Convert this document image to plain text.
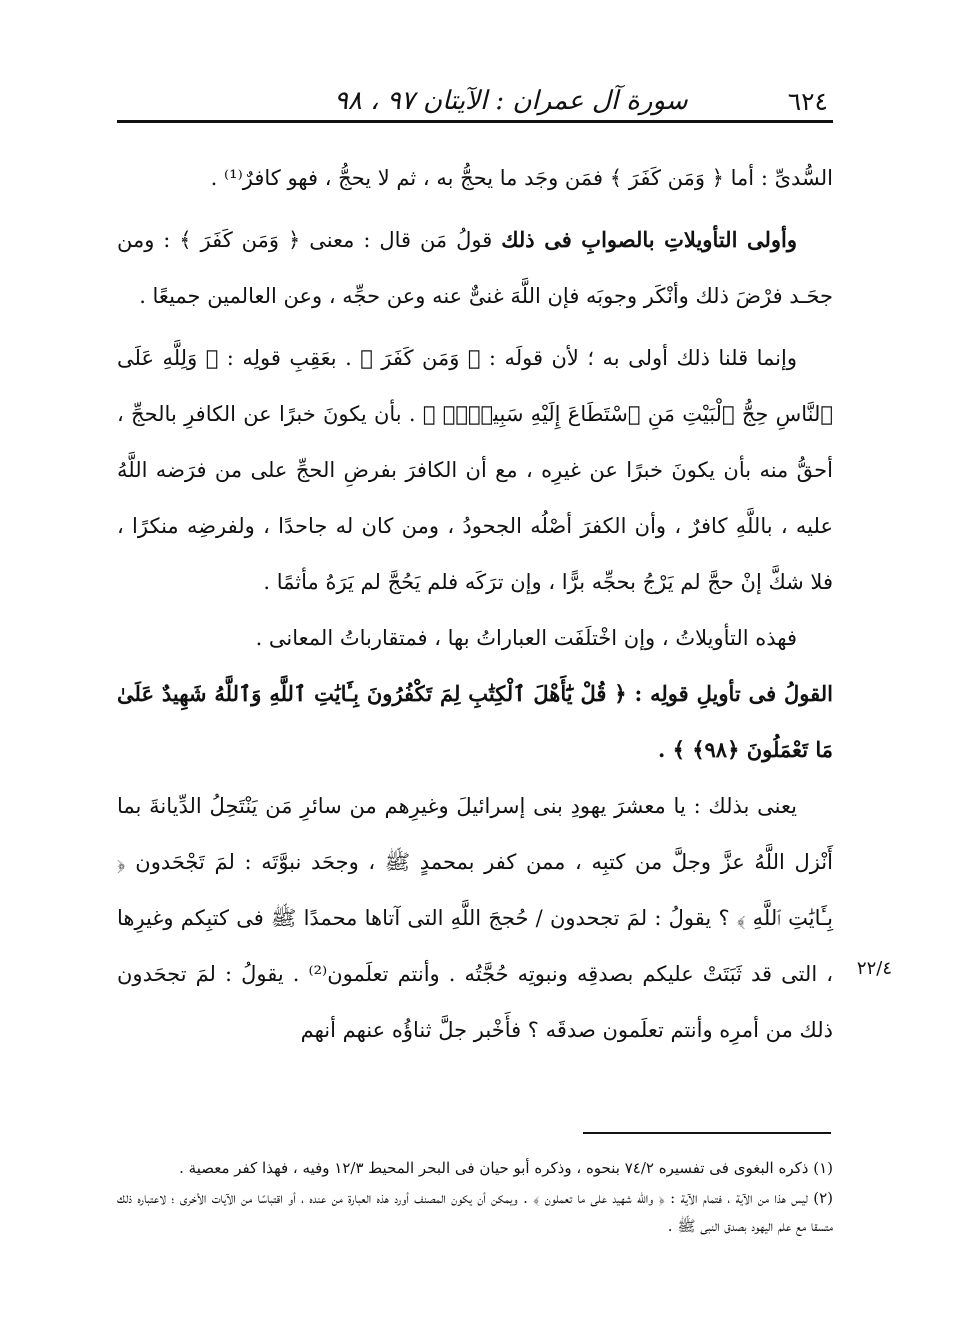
٦٢٤
سورة آل عمران : الآيتان ٩٧ ، ٩٨

السُّدىِّ : أما ﴿ وَمَن كَفَرَ ﴾ فمَن وجَد ما يحجُّ به ، ثم لا يحجُّ ، فهو كافرٌ⁽¹⁾ .

وأولى التأويلاتِ بالصوابِ فى ذلك قولُ مَن قال : معنى ﴿ وَمَن كَفَرَ ﴾ : ومن جحَـد فرْضَ ذلك وأنْكَر وجوبَه فإن اللَّهَ غنىٌّ عنه وعن حجِّه ، وعن العالمين جميعًا .

وإنما قلنا ذلك أولى به ؛ لأن قولَه : ﴿ وَمَن كَفَرَ ﴾ . بعَقِبِ قولِه : ﴿ وَلِلَّهِ عَلَى ٱلنَّاسِ حِجُّ ٱلْبَيْتِ مَنِ ٱسْتَطَاعَ إِلَيْهِ سَبِيلًاۚ ﴾ . بأن يكونَ خبرًا عن الكافرِ بالحجِّ ، أحقُّ منه بأن يكونَ خبرًا عن غيرِه ، مع أن الكافرَ بفرضِ الحجِّ على من فرَضه اللَّهُ عليه ، باللَّهِ كافرٌ ، وأن الكفرَ أصْلُه الجحودُ ، ومن كان له جاحدًا ، ولفرضِه منكرًا ، فلا شكَّ إنْ حجَّ لم يَرْجُ بحجِّه برًّا ، وإن ترَكَه فلم يَحُجَّ لم يَرَهُ مأثمًا .

فهذه التأويلاتُ ، وإن اخْتلَفَت العباراتُ بها ، فمتقارباتُ المعانى .

القولُ فى تأويلِ قولِه : ﴿ قُلْ يَٰٓأَهْلَ ٱلْكِتَٰبِ لِمَ تَكْفُرُونَ بِـَٔايَٰتِ ٱللَّهِ وَٱللَّهُ شَهِيدٌ عَلَىٰ مَا تَعْمَلُونَ ﴿٩٨﴾ ﴾ .

يعنى بذلك : يا معشرَ يهودِ بنى إسرائيلَ وغيرِهم من سائرِ مَن يَنْتَحِلُ الدِّيانةَ بما أَنْزل اللَّهُ عزَّ وجلَّ من كتبِه ، ممن كفر بمحمدٍ ﷺ ، وجحَد نبوَّتَه : لمَ تَجْحَدون ﴿ بِـَٔايَٰتِ ٱللَّهِ ﴾ ؟ يقولُ : لمَ تجحدون / حُججَ اللَّهِ التى آتاها محمدًا ﷺ فى كتبِكم وغيرِها ، التى قد ثَبَتَتْ عليكم بصدقِه ونبوتِه حُجَّتُه . وأنتم تعلَمون⁽²⁾ . يقولُ : لمَ تجحَدون ذلك من أمرِه وأنتم تعلَمون صدقَه ؟ فأَخْبر جلَّ ثناؤُه عنهم أنهم

٢٢/٤

(١) ذكره البغوى فى تفسيره ٧٤/٢ بنحوه ، وذكره أبو حيان فى البحر المحيط ١٢/٣ وفيه ، فهذا كفر معصية .

(٢) ليس هذا من الآية ، فتمام الآية : ﴿ والله شهيد على ما تعملون ﴾ . ويمكن أن يكون المصنف أورد هذه العبارة من عنده ، أو اقتباسًا من الآيات الأخرى ؛ لاعتباره ذلك متسقا مع علم اليهود بصدق النبى ﷺ .
